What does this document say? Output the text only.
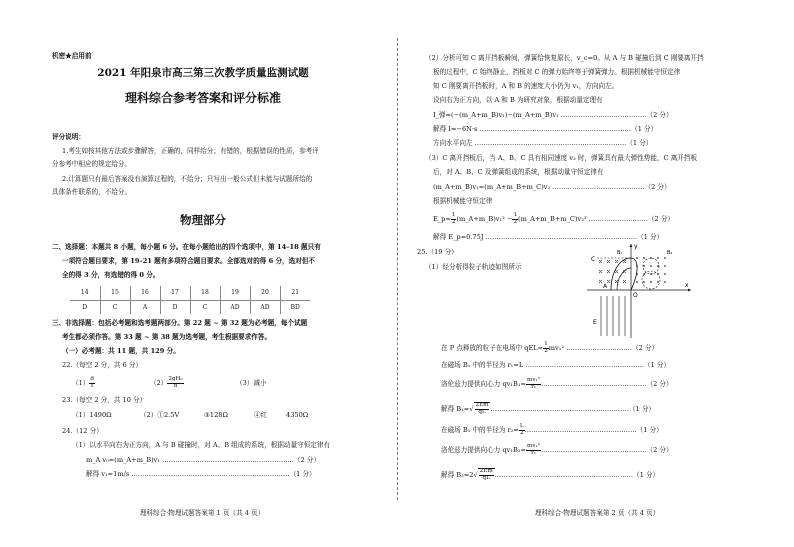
机密★启用前
2021 年阳泉市高三第三次教学质量监测试题
理科综合参考答案和评分标准
评分说明：
1.考生如按其他方法或步骤解答，正确的，同样给分；有错的，根据错误的性质，参考评
分参考中相应的规定给分。
2.计算题只有最后答案没有演算过程的，不给分；只写出一般公式但未能与试题所给的
具体条件联系的，不给分。
物理部分
二、选择题：本题共 8 小题，每小题 6 分。在每小题给出的四个选项中，第 14–18 题只有
一项符合题目要求，第 19–21 题有多项符合题目要求。全部选对的得 6 分，选对但不
全的得 3 分，有选错的得 0 分。
14	15	16	17	18	19	20	21
D	C	A	D	C	AD	AD	BD
三、非选择题：包括必考题和选考题两部分。第 22 题 ~ 第 32 题为必考题，每个试题
考生都必须作答。第 33 题 ~ 第 38 题为选考题，考生根据要求作答。
（一）必考题：共 11 题，共 129 分。
22.（每空 2 分，共 6 分）
$(1) \frac{d}{t}$	$(2) \frac{\text{2gH₀}}{d}$	（3）减小
23.（每空 2 分，共 10 分）
（1）1490Ω	（2）①2.5V	③128Ω	④红	4350Ω
24.（12 分）
（1）以水平向右为正方向，A 与 B 碰撞时，对 A、B 组成的系统，根据动量守恒定律有
m_A v₀=(m_A+m_B)v₁ ……………………………………………………（2 分）
解得 v₁=1m/s ………………………………………………………………（1 分）
理科综合·物理试题答案第 1 页（共 4 页）
（2）分析可知 C 离开挡板瞬间，弹簧恰恢复原长，v_c=0。从 A 与 B 碰撞后到 C 刚要离开挡
板的过程中，C 始终静止，挡板对 C 的弹力始终等于弹簧弹力。根据机械能守恒定律
知 C 刚要离开挡板时，A 和 B 的速度大小仍为 v₁，方向向左。
设向右为正方向，以 A 和 B 为研究对象，根据动量定理有
I_弹=(−(m_A+m_B)v₁)−(m_A+m_B)v₁ …………………………………（2 分）
解得 I=−6N·s ……………………………………………………………（1 分）
方向水平向左 ……………………………………………………………（1 分）
（3）C 离开挡板后，当 A、B、C 具有相同速度 v₂ 时，弹簧具有最大弹性势能，C 离开挡板
后，对 A、B、C 及弹簧组成的系统，根据动量守恒定律有
(m_A+m_B)v₁=(m_A+m_B+m_C)v₂ ……………………………………（2 分）
根据机械能守恒定律
E_p= $\frac{1}{2}$ (m_A+m_B)v₁² − $\frac{1}{2}$ (m_A+m_B+m_C)v₂² ………………………（2 分）
解得 E_p=0.75J ……………………………………………………………（1 分）
25.（19 分）
（1）经分析得粒子轨迹如图所示
C
y
x
A
O
B₁	B₂
E
在 P 点释放的粒子在电场中 $qEL= \frac{1}{2} mv_1^2$ …………………………（2 分）
在磁场 B₁ 中的半径为 r₁=L ………………………………………………（1 分）
洛伦兹力提供向心力 $qv_1B_1= \frac{\text{mv₁²}}{\text{r₁}}$ …………………………………………（2 分）
解得 $B_1=√ \frac{2Em}{qL}$ ………………………………………………………（1 分）
在磁场 B₁ 中的半径为 $r_2= \frac{L}{2}$ ……………………………………………（1 分）
洛伦兹力提供向心力 $qv_1B_2= \frac{\text{mv₁²}}{\text{r₁}}$ …………………………………………（2 分）
解得 $B_2=2√ \frac{2Em}{qL}$ ………………………………………………………（1 分）
理科综合·物理试题答案第 2 页（共 4 页）
